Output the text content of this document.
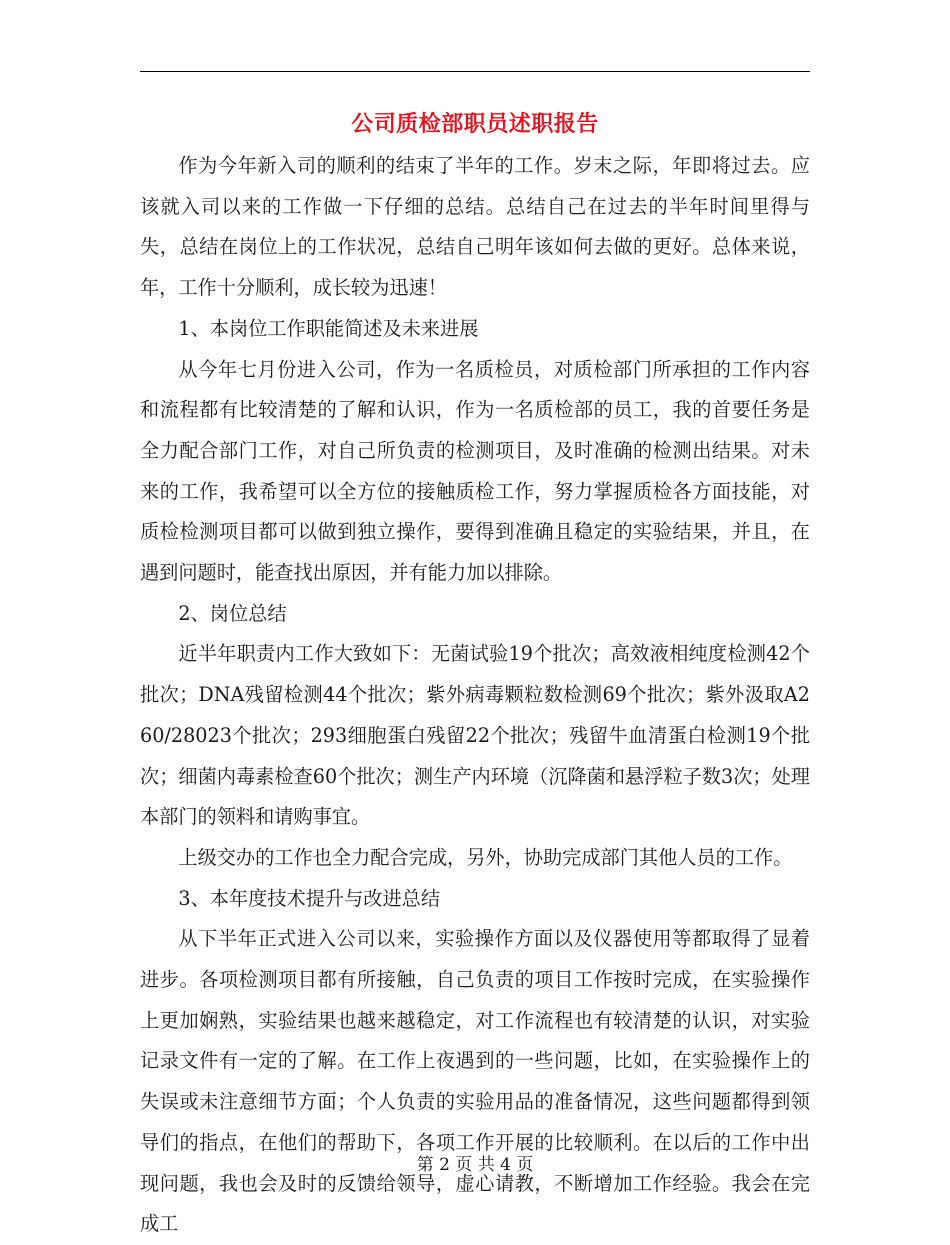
公司质检部职员述职报告

作为今年新入司的顺利的结束了半年的工作。岁末之际，年即将过去。应该就入司以来的工作做一下仔细的总结。总结自己在过去的半年时间里得与失，总结在岗位上的工作状况，总结自己明年该如何去做的更好。总体来说，年，工作十分顺利，成长较为迅速！

1、本岗位工作职能简述及未来进展

从今年七月份进入公司，作为一名质检员，对质检部门所承担的工作内容和流程都有比较清楚的了解和认识，作为一名质检部的员工，我的首要任务是全力配合部门工作，对自己所负责的检测项目，及时准确的检测出结果。对未来的工作，我希望可以全方位的接触质检工作，努力掌握质检各方面技能，对质检检测项目都可以做到独立操作，要得到准确且稳定的实验结果，并且，在遇到问题时，能查找出原因，并有能力加以排除。

2、岗位总结

近半年职责内工作大致如下：无菌试验19个批次；高效液相纯度检测42个批次；DNA残留检测44个批次；紫外病毒颗粒数检测69个批次；紫外汲取A260/28023个批次；293细胞蛋白残留22个批次；残留牛血清蛋白检测19个批次；细菌内毒素检查60个批次；测生产内环境（沉降菌和悬浮粒子数3次；处理本部门的领料和请购事宜。

上级交办的工作也全力配合完成，另外，协助完成部门其他人员的工作。

3、本年度技术提升与改进总结

从下半年正式进入公司以来，实验操作方面以及仪器使用等都取得了显着进步。各项检测项目都有所接触，自己负责的项目工作按时完成，在实验操作上更加娴熟，实验结果也越来越稳定，对工作流程也有较清楚的认识，对实验记录文件有一定的了解。在工作上夜遇到的一些问题，比如，在实验操作上的失误或未注意细节方面；个人负责的实验用品的准备情况，这些问题都得到领导们的指点，在他们的帮助下，各项工作开展的比较顺利。在以后的工作中出现问题，我也会及时的反馈给领导，虚心请教，不断增加工作经验。我会在完成工

第 2 页 共 4 页
